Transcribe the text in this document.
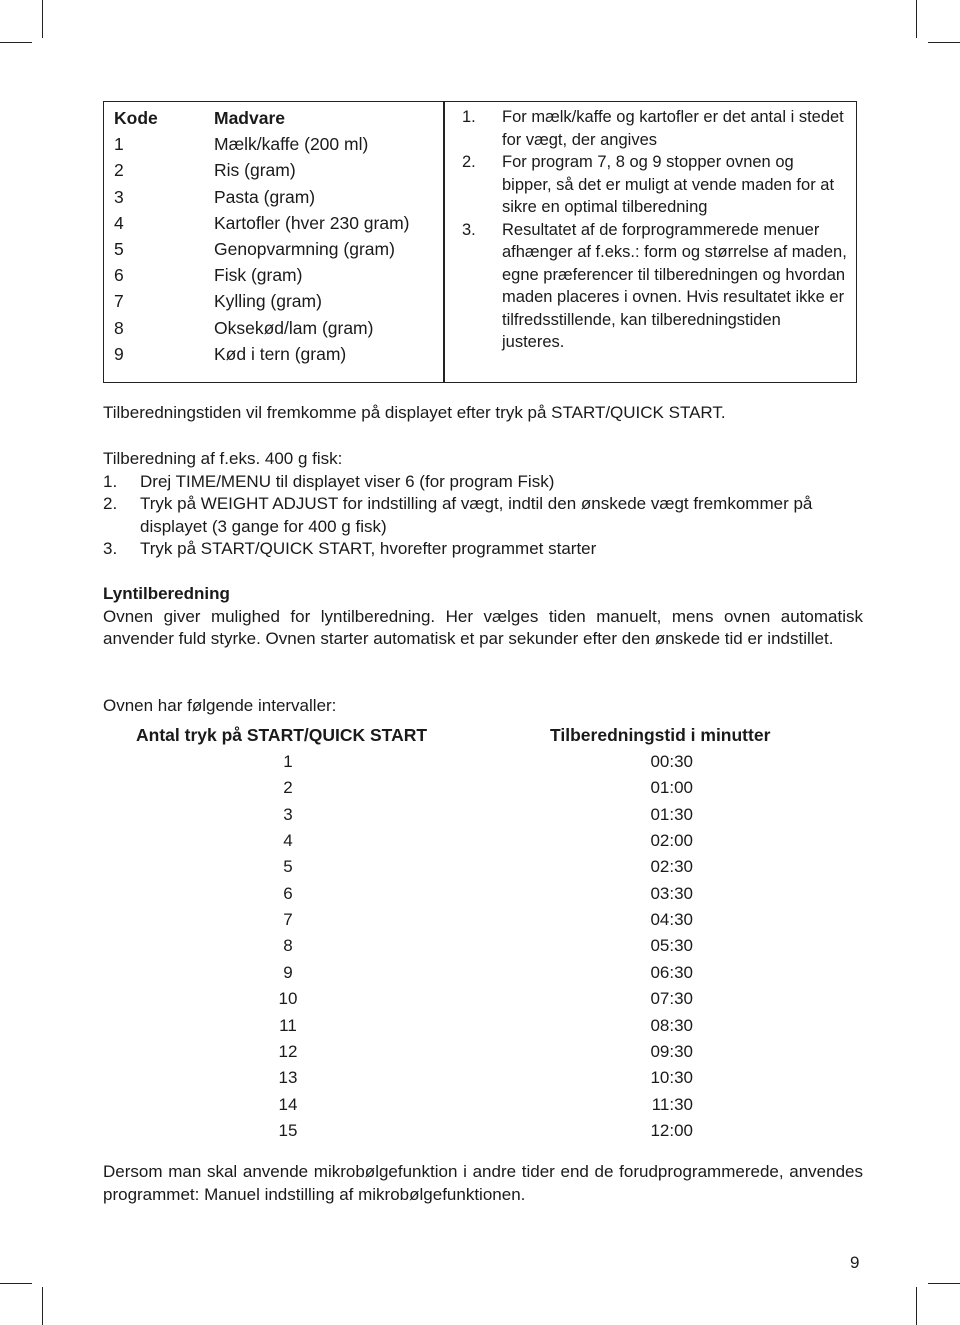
Kode	Madvare
1	Mælk/kaffe (200 ml)
2	Ris (gram)
3	Pasta (gram)
4	Kartofler (hver 230 gram)
5	Genopvarmning (gram)
6	Fisk (gram)
7	Kylling (gram)
8	Oksekød/lam (gram)
9	Kød i tern (gram)
1.	For mælk/kaffe og kartofler er det antal i stedet for vægt, der angives
2.	For program 7, 8 og 9 stopper ovnen og bipper, så det er muligt at vende maden for at sikre en optimal tilberedning
3.	Resultatet af de forprogrammerede menuer afhænger af f.eks.: form og størrelse af maden, egne præferencer til tilberedningen og hvordan maden placeres i ovnen. Hvis resultatet ikke er tilfredsstillende, kan tilberedningstiden justeres.

Tilberedningstiden vil fremkomme på displayet efter tryk på START/QUICK START.

Tilberedning af f.eks. 400 g fisk:

1.	Drej TIME/MENU til displayet viser 6 (for program Fisk)
2.	Tryk på WEIGHT ADJUST for indstilling af vægt, indtil den ønskede vægt fremkommer på displayet (3 gange for 400 g fisk)
3.	Tryk på START/QUICK START, hvorefter programmet starter

Lyntilberedning

Ovnen giver mulighed for lyntilberedning. Her vælges tiden manuelt, mens ovnen automatisk anvender fuld styrke. Ovnen starter automatisk et par sekunder efter den ønskede tid er indstillet.

Ovnen har følgende intervaller:

Antal tryk på START/QUICK START	Tilberedningstid i minutter
1	00:30
2	01:00
3	01:30
4	02:00
5	02:30
6	03:30
7	04:30
8	05:30
9	06:30
10	07:30
11	08:30
12	09:30
13	10:30
14	11:30
15	12:00

Dersom man skal anvende mikrobølgefunktion i andre tider end de forudprogrammerede, anvendes programmet: Manuel indstilling af mikrobølgefunktionen.

9
